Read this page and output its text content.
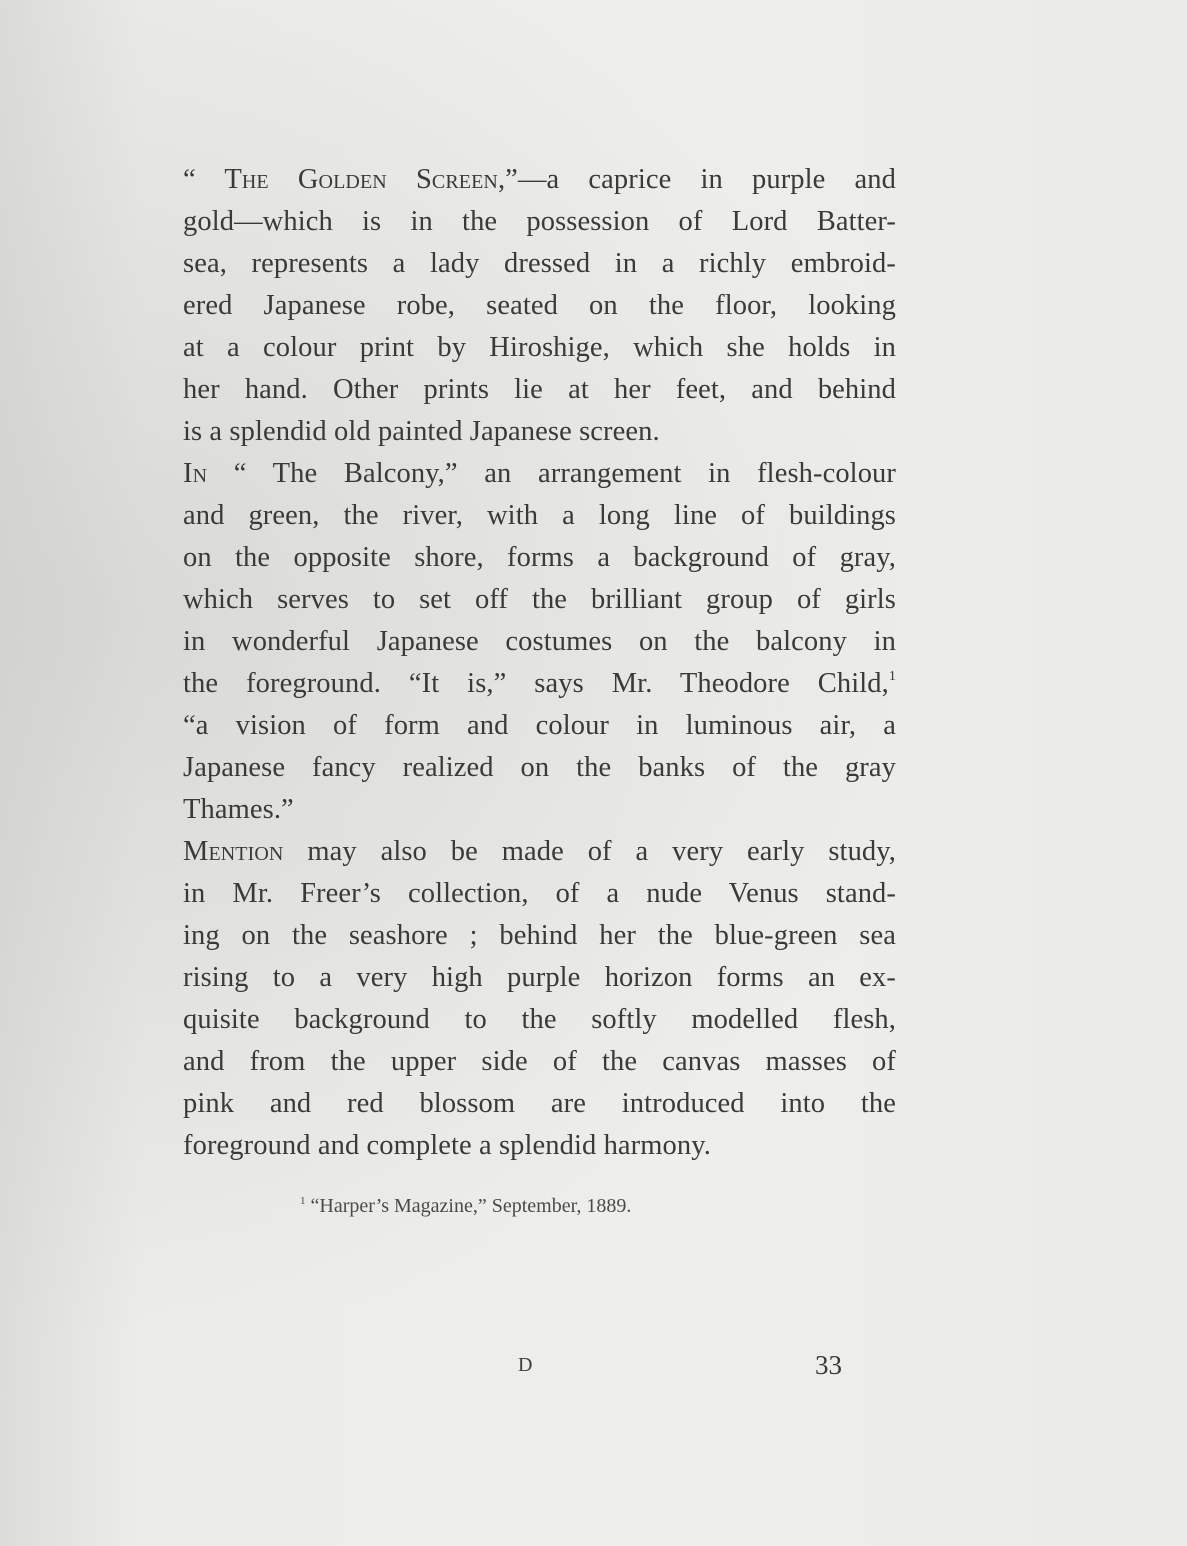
“ The Golden Screen,”—a caprice in purple and
gold—which is in the possession of Lord Batter-
sea, represents a lady dressed in a richly embroid-
ered Japanese robe, seated on the floor, looking
at a colour print by Hiroshige, which she holds in
her hand. Other prints lie at her feet, and behind
is a splendid old painted Japanese screen.
In “ The Balcony,” an arrangement in flesh-colour
and green, the river, with a long line of buildings
on the opposite shore, forms a background of gray,
which serves to set off the brilliant group of girls
in wonderful Japanese costumes on the balcony in
the foreground. “It is,” says Mr. Theodore Child,$^1$
“a vision of form and colour in luminous air, a
Japanese fancy realized on the banks of the gray
Thames.”
Mention may also be made of a very early study,
in Mr. Freer’s collection, of a nude Venus stand-
ing on the seashore ; behind her the blue-green sea
rising to a very high purple horizon forms an ex-
quisite background to the softly modelled flesh,
and from the upper side of the canvas masses of
pink and red blossom are introduced into the
foreground and complete a splendid harmony.
$^1$ “Harper’s Magazine,” September, 1889.
D	33
